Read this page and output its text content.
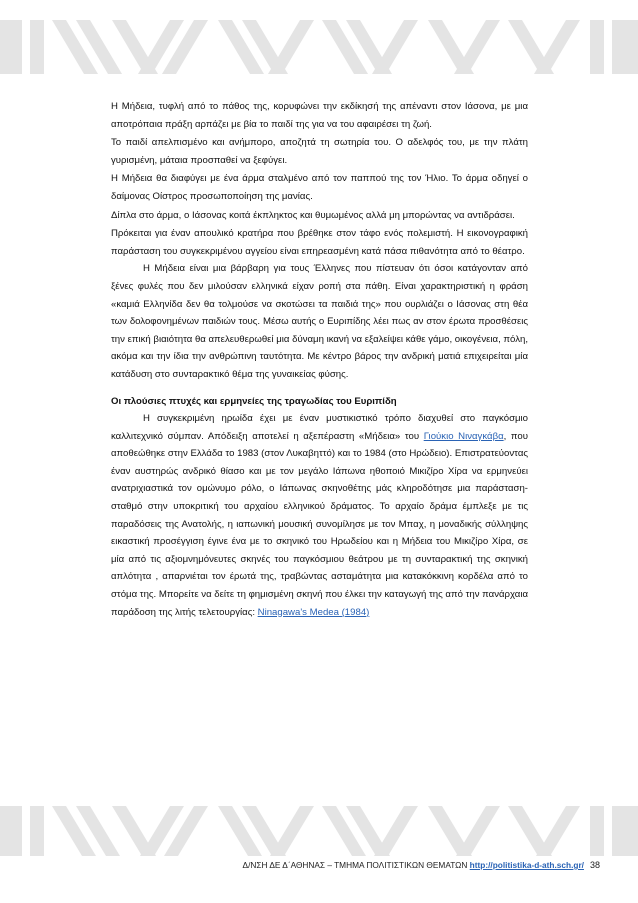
Η Μήδεια, τυφλή από το πάθος της, κορυφώνει την εκδίκησή της απέναντι στον Ιάσονα, με μια αποτρόπαια πράξη αρπάζει με βία το παιδί της για να του αφαιρέσει τη ζωή.

Το παιδί απελπισμένο και ανήμπορο, αποζητά τη σωτηρία του. Ο αδελφός του, με την πλάτη γυρισμένη, μάταια προσπαθεί να ξεφύγει.

Η Μήδεια θα διαφύγει με ένα άρμα σταλμένο από τον παππού της τον Ήλιο. Το άρμα οδηγεί ο δαίμονας Οίστρος προσωποποίηση της μανίας.

Δίπλα στο άρμα, ο Ιάσονας κοιτά έκπληκτος και θυμωμένος αλλά μη μπορώντας να αντιδράσει.

Πρόκειται για έναν απουλικό κρατήρα που βρέθηκε στον τάφο ενός πολεμιστή. Η εικονογραφική παράσταση του συγκεκριμένου αγγείου είναι επηρεασμένη κατά πάσα πιθανότητα από το θέατρο.

Η Μήδεια είναι μια βάρβαρη για τους Έλληνες που πίστευαν ότι όσοι κατάγονταν από ξένες φυλές που δεν μιλούσαν ελληνικά είχαν ροπή στα πάθη. Είναι χαρακτηριστική η φράση «καμιά Ελληνίδα δεν θα τολμούσε να σκοτώσει τα παιδιά της» που ουρλιάζει ο Ιάσονας στη θέα των δολοφονημένων παιδιών τους. Μέσω αυτής ο Ευριπίδης λέει πως αν στον έρωτα προσθέσεις την επική βιαιότητα θα απελευθερωθεί μια δύναμη ικανή να εξαλείψει κάθε γάμο, οικογένεια, πόλη, ακόμα και την ίδια την ανθρώπινη ταυτότητα. Με κέντρο βάρος την ανδρική ματιά επιχειρείται μία κατάδυση στο συνταρακτικό θέμα της γυναικείας φύσης.

Οι πλούσιες πτυχές και ερμηνείες της τραγωδίας του Ευριπίδη

Η συγκεκριμένη ηρωίδα έχει με έναν μυστικιστικό τρόπο διαχυθεί στο παγκόσμιο καλλιτεχνικό σύμπαν. Απόδειξη αποτελεί η αξεπέραστη «Μήδεια» του Γιούκιο Νιναγκάβα, που αποθεώθηκε στην Ελλάδα το 1983 (στον Λυκαβηττό) και το 1984 (στο Ηρώδειο). Επιστρατεύοντας έναν αυστηρώς ανδρικό θίασο και με τον μεγάλο Ιάπωνα ηθοποιό Μικιζίρο Χίρα να ερμηνεύει ανατριχιαστικά τον ομώνυμο ρόλο, ο Ιάπωνας σκηνοθέτης μάς κληροδότησε μια παράσταση-σταθμό στην υποκριτική του αρχαίου ελληνικού δράματος. Το αρχαίο δράμα έμπλεξε με τις παραδόσεις της Ανατολής, η ιαπωνική μουσική συνομίλησε με τον Μπαχ, η μοναδικής σύλληψης εικαστική προσέγγιση έγινε ένα με το σκηνικό του Ηρωδείου και η Μήδεια του Μικιζίρο Χίρα, σε μία από τις αξιομνημόνευτες σκηνές του παγκόσμιου θεάτρου με τη συνταρακτική της σκηνική απλότητα , απαρνιέται τον έρωτά της, τραβώντας ασταμάτητα μια κατακόκκινη κορδέλα από το στόμα της. Μπορείτε να δείτε τη φημισμένη σκηνή που έλκει την καταγωγή της από την πανάρχαια παράδοση της λιτής τελετουργίας: Ninagawa's Medea (1984)

Δ/ΝΣΗ ΔΕ Δ΄ΑΘΗΝΑΣ – ΤΜΗΜΑ ΠΟΛΙΤΙΣΤΙΚΩΝ ΘΕΜΑΤΩΝ http://politistika-d-ath.sch.gr/ 38
